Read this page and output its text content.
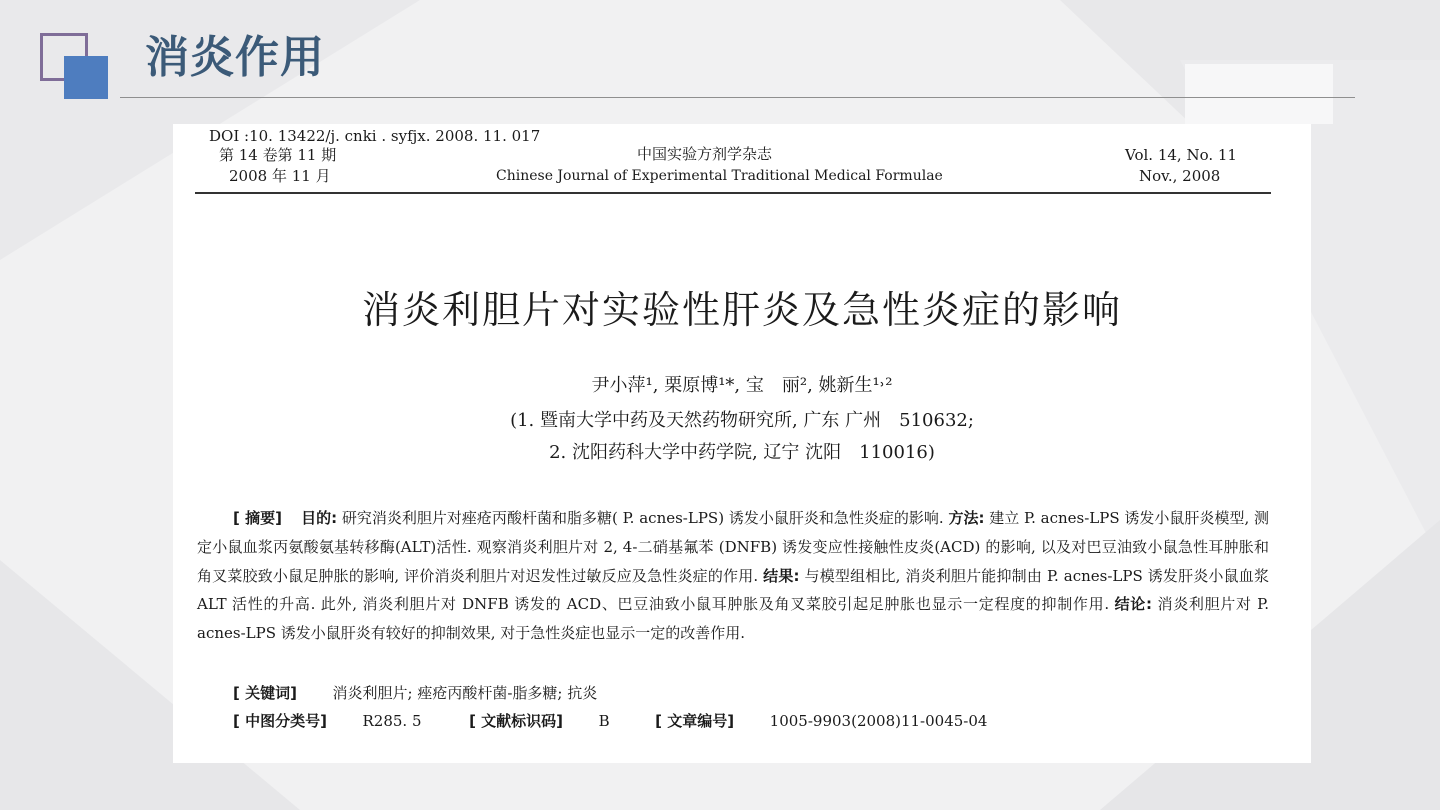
消炎作用
DOI :10. 13422/j. cnki . syfjx. 2008. 11. 017
第 14 卷第 11 期
2008 年 11 月
中国实验方剂学杂志
Chinese Journal of Experimental Traditional Medical Formulae
Vol. 14, No. 11
Nov., 2008
消炎利胆片对实验性肝炎及急性炎症的影响
尹小萍¹, 栗原博¹*, 宝　丽², 姚新生¹˒²
(1. 暨南大学中药及天然药物研究所, 广东 广州　510632;
2. 沈阳药科大学中药学院, 辽宁 沈阳　110016)
[ 摘要] 目的: 研究消炎利胆片对痤疮丙酸杆菌和脂多糖( P. acnes-LPS) 诱发小鼠肝炎和急性炎症的影响. 方法: 建立 P. acnes-LPS 诱发小鼠肝炎模型, 测定小鼠血浆丙氨酸氨基转移酶(ALT)活性. 观察消炎利胆片对 2, 4-二硝基氟苯 (DNFB) 诱发变应性接触性皮炎(ACD) 的影响, 以及对巴豆油致小鼠急性耳肿胀和角叉菜胶致小鼠足肿胀的影响, 评价消炎利胆片对迟发性过敏反应及急性炎症的作用. 结果: 与模型组相比, 消炎利胆片能抑制由 P. acnes-LPS 诱发肝炎小鼠血浆 ALT 活性的升高. 此外, 消炎利胆片对 DNFB 诱发的 ACD、巴豆油致小鼠耳肿胀及角叉菜胶引起足肿胀也显示一定程度的抑制作用. 结论: 消炎利胆片对 P. acnes-LPS 诱发小鼠肝炎有较好的抑制效果, 对于急性炎症也显示一定的改善作用.
[ 关键词] 消炎利胆片; 痤疮丙酸杆菌-脂多糖; 抗炎
[ 中图分类号] R285. 5	[ 文献标识码] B	[ 文章编号] 1005-9903(2008)11-0045-04
